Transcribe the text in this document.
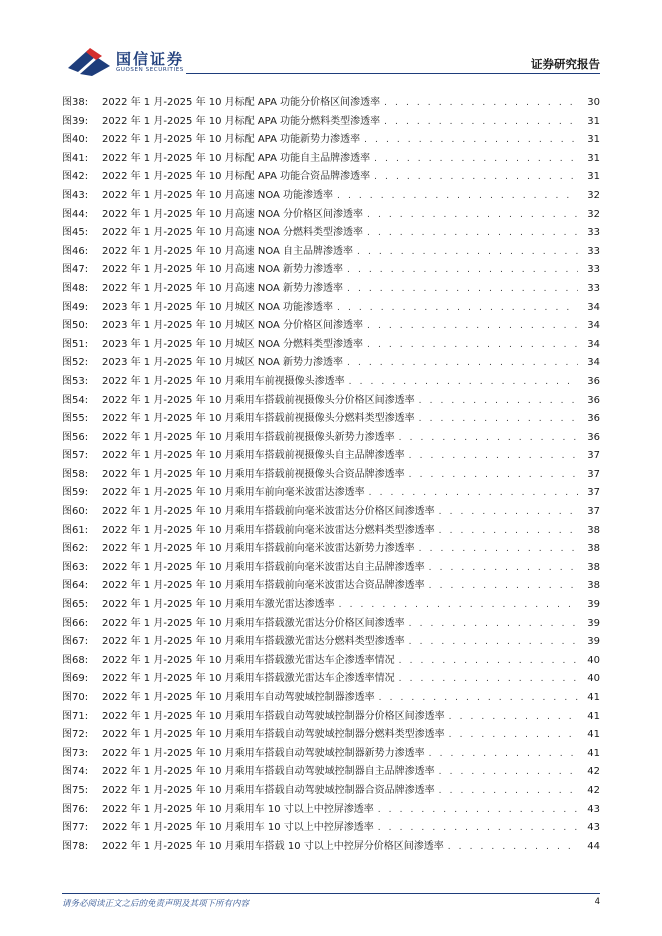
国信证券
GUOSEN SECURITIES	证券研究报告
图38:	2022 年 1 月-2025 年 10 月标配 APA 功能分价格区间渗透率 . . .	30
图39:	2022 年 1 月-2025 年 10 月标配 APA 功能分燃料类型渗透率 . . .	31
图40:	2022 年 1 月-2025 年 10 月标配 APA 功能新势力渗透率 . . .	31
图41:	2022 年 1 月-2025 年 10 月标配 APA 功能自主品牌渗透率 . . .	31
图42:	2022 年 1 月-2025 年 10 月标配 APA 功能合资品牌渗透率 . . .	31
图43:	2022 年 1 月-2025 年 10 月高速 NOA 功能渗透率 . . .	32
图44:	2022 年 1 月-2025 年 10 月高速 NOA 分价格区间渗透率 . . .	32
图45:	2022 年 1 月-2025 年 10 月高速 NOA 分燃料类型渗透率 . . .	33
图46:	2022 年 1 月-2025 年 10 月高速 NOA 自主品牌渗透率 . . .	33
图47:	2022 年 1 月-2025 年 10 月高速 NOA 新势力渗透率 . . .	33
图48:	2022 年 1 月-2025 年 10 月高速 NOA 新势力渗透率 . . .	33
图49:	2023 年 1 月-2025 年 10 月城区 NOA 功能渗透率 . . .	34
图50:	2023 年 1 月-2025 年 10 月城区 NOA 分价格区间渗透率 . . .	34
图51:	2023 年 1 月-2025 年 10 月城区 NOA 分燃料类型渗透率 . . .	34
图52:	2023 年 1 月-2025 年 10 月城区 NOA 新势力渗透率 . . .	34
图53:	2022 年 1 月-2025 年 10 月乘用车前视摄像头渗透率 . . .	36
图54:	2022 年 1 月-2025 年 10 月乘用车搭载前视摄像头分价格区间渗透率 . . .	36
图55:	2022 年 1 月-2025 年 10 月乘用车搭载前视摄像头分燃料类型渗透率 . . .	36
图56:	2022 年 1 月-2025 年 10 月乘用车搭载前视摄像头新势力渗透率 . . .	36
图57:	2022 年 1 月-2025 年 10 月乘用车搭载前视摄像头自主品牌渗透率 . . .	37
图58:	2022 年 1 月-2025 年 10 月乘用车搭载前视摄像头合资品牌渗透率 . . .	37
图59:	2022 年 1 月-2025 年 10 月乘用车前向毫米波雷达渗透率 . . .	37
图60:	2022 年 1 月-2025 年 10 月乘用车搭载前向毫米波雷达分价格区间渗透率 . . .	37
图61:	2022 年 1 月-2025 年 10 月乘用车搭载前向毫米波雷达分燃料类型渗透率 . . .	38
图62:	2022 年 1 月-2025 年 10 月乘用车搭载前向毫米波雷达新势力渗透率 . . .	38
图63:	2022 年 1 月-2025 年 10 月乘用车搭载前向毫米波雷达自主品牌渗透率 . . .	38
图64:	2022 年 1 月-2025 年 10 月乘用车搭载前向毫米波雷达合资品牌渗透率 . . .	38
图65:	2022 年 1 月-2025 年 10 月乘用车激光雷达渗透率 . . .	39
图66:	2022 年 1 月-2025 年 10 月乘用车搭载激光雷达分价格区间渗透率 . . .	39
图67:	2022 年 1 月-2025 年 10 月乘用车搭载激光雷达分燃料类型渗透率 . . .	39
图68:	2022 年 1 月-2025 年 10 月乘用车搭载激光雷达车企渗透率情况 . . .	40
图69:	2022 年 1 月-2025 年 10 月乘用车搭载激光雷达车企渗透率情况 . . .	40
图70:	2022 年 1 月-2025 年 10 月乘用车自动驾驶域控制器渗透率 . . .	41
图71:	2022 年 1 月-2025 年 10 月乘用车搭载自动驾驶域控制器分价格区间渗透率 . . .	41
图72:	2022 年 1 月-2025 年 10 月乘用车搭载自动驾驶域控制器分燃料类型渗透率 . . .	41
图73:	2022 年 1 月-2025 年 10 月乘用车搭载自动驾驶域控制器新势力渗透率 . . .	41
图74:	2022 年 1 月-2025 年 10 月乘用车搭载自动驾驶域控制器自主品牌渗透率 . . .	42
图75:	2022 年 1 月-2025 年 10 月乘用车搭载自动驾驶域控制器合资品牌渗透率 . . .	42
图76:	2022 年 1 月-2025 年 10 月乘用车 10 寸以上中控屏渗透率 . . .	43
图77:	2022 年 1 月-2025 年 10 月乘用车 10 寸以上中控屏渗透率 . . .	43
图78:	2022 年 1 月-2025 年 10 月乘用车搭载 10 寸以上中控屏分价格区间渗透率 . . .	44
请务必阅读正文之后的免责声明及其项下所有内容	4
